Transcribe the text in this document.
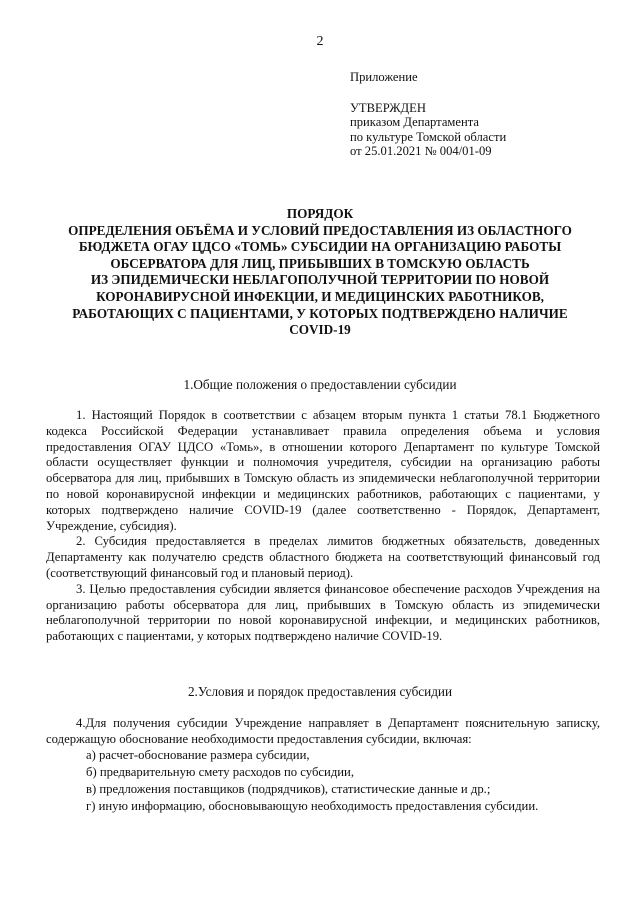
2
Приложение
УТВЕРЖДЕН
приказом Департамента
по культуре Томской области
от 25.01.2021 № 004/01-09
ПОРЯДОК
ОПРЕДЕЛЕНИЯ ОБЪЁМА И УСЛОВИЙ ПРЕДОСТАВЛЕНИЯ ИЗ ОБЛАСТНОГО
БЮДЖЕТА ОГАУ ЦДСО «ТОМЬ» СУБСИДИИ НА ОРГАНИЗАЦИЮ РАБОТЫ
ОБСЕРВАТОРА ДЛЯ ЛИЦ, ПРИБЫВШИХ В ТОМСКУЮ ОБЛАСТЬ
ИЗ ЭПИДЕМИЧЕСКИ НЕБЛАГОПОЛУЧНОЙ ТЕРРИТОРИИ ПО НОВОЙ
КОРОНАВИРУСНОЙ ИНФЕКЦИИ, И МЕДИЦИНСКИХ РАБОТНИКОВ,
РАБОТАЮЩИХ С ПАЦИЕНТАМИ, У КОТОРЫХ ПОДТВЕРЖДЕНО НАЛИЧИЕ
COVID-19
1.Общие положения о предоставлении субсидии

1. Настоящий Порядок в соответствии с абзацем вторым пункта 1 статьи 78.1 Бюджетного кодекса Российской Федерации устанавливает правила определения объема и условия предоставления ОГАУ ЦДСО «Томь», в отношении которого Департамент по культуре Томской области осуществляет функции и полномочия учредителя, субсидии на организацию работы обсерватора для лиц, прибывших в Томскую область из эпидемически неблагополучной территории по новой коронавирусной инфекции и медицинских работников, работающих с пациентами, у которых подтверждено наличие COVID-19 (далее соответственно - Порядок, Департамент, Учреждение, субсидия).

2. Субсидия предоставляется в пределах лимитов бюджетных обязательств, доведенных Департаменту как получателю средств областного бюджета на соответствующий финансовый год (соответствующий финансовый год и плановый период).

3. Целью предоставления субсидии является финансовое обеспечение расходов Учреждения на организацию работы обсерватора для лиц, прибывших в Томскую область из эпидемически неблагополучной территории по новой коронавирусной инфекции, и медицинских работников, работающих с пациентами, у которых подтверждено наличие COVID-19.

2.Условия и порядок предоставления субсидии

4.Для получения субсидии Учреждение направляет в Департамент пояснительную записку, содержащую обоснование необходимости предоставления субсидии, включая:

а) расчет-обоснование размера субсидии,
б) предварительную смету расходов по субсидии,
в) предложения поставщиков (подрядчиков), статистические данные и др.;
г) иную информацию, обосновывающую необходимость предоставления субсидии.
